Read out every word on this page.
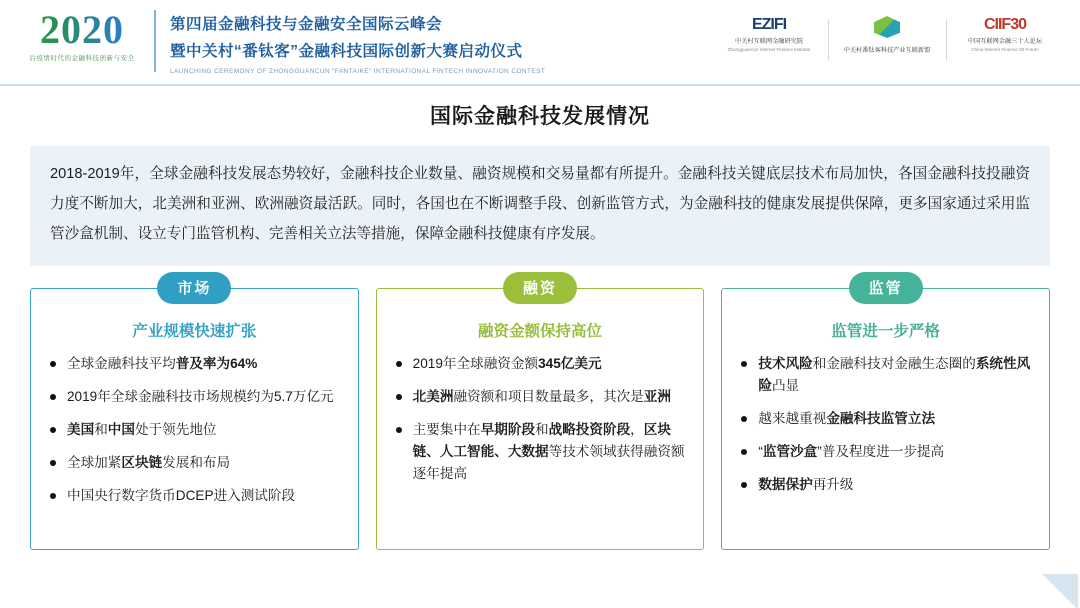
2020
后疫情时代的金融科技创新与安全
第四届金融科技与金融安全国际云峰会
暨中关村“番钛客”金融科技国际创新大赛启动仪式
LAUNCHING CEREMONY OF ZHONGGUANCUN “FANTAIKE” INTERNATIONAL FINTECH INNOVATION CONTEST
EZIFI
中关村互联网金融研究院
Zhongguancun Internet Finance Institute	中关村番钛客科技产业互联新盟
CIIF30
中国互联网金融三十人论坛
China Internet Finance 30 Forum
国际金融科技发展情况
2018-2019年，全球金融科技发展态势较好，金融科技企业数量、融资规模和交易量都有所提升。金融科技关键底层技术布局加快，各国金融科技投融资力度不断加大，北美洲和亚洲、欧洲融资最活跃。同时，各国也在不断调整手段、创新监管方式，为金融科技的健康发展提供保障，更多国家通过采用监管沙盒机制、设立专门监管机构、完善相关立法等措施，保障金融科技健康有序发展。
市场
产业规模快速扩张
全球金融科技平均普及率为64%
2019年全球金融科技市场规模约为5.7万亿元
美国和中国处于领先地位
全球加紧区块链发展和布局
中国央行数字货币DCEP进入测试阶段
融资
融资金额保持高位
2019年全球融资金额345亿美元
北美洲融资额和项目数量最多，其次是亚洲
主要集中在早期阶段和战略投资阶段，区块链、人工智能、大数据等技术领域获得融资额逐年提高
监管
监管进一步严格
技术风险和金融科技对金融生态圈的系统性风险凸显
越来越重视金融科技监管立法
“监管沙盒”普及程度进一步提高
数据保护再升级
